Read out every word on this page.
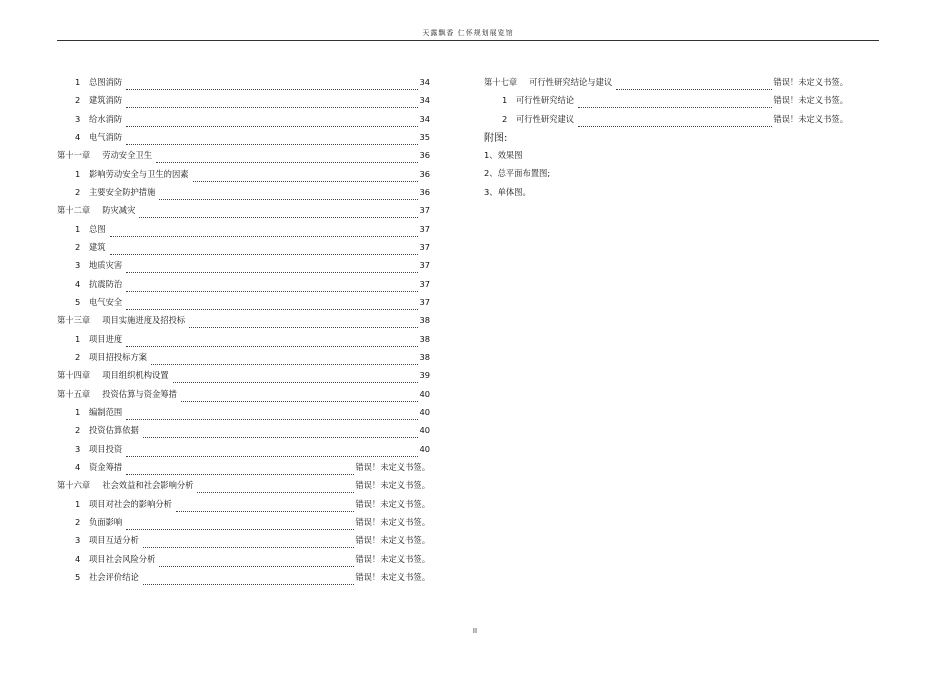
天露飘香 仁怀规划展览馆
1 总图消防	34
2 建筑消防	34
3 给水消防	34
4 电气消防	35
第十一章 劳动安全卫生	36
1 影响劳动安全与卫生的因素	36
2 主要安全防护措施	36
第十二章 防灾减灾	37
1 总图	37
2 建筑	37
3 地质灾害	37
4 抗震防治	37
5 电气安全	37
第十三章 项目实施进度及招投标	38
1 项目进度	38
2 项目招投标方案	38
第十四章 项目组织机构设置	39
第十五章 投资估算与资金筹措	40
1 编制范围	40
2 投资估算依据	40
3 项目投资	40
4 资金筹措	错误！未定义书签。
第十六章 社会效益和社会影响分析	错误！未定义书签。
1 项目对社会的影响分析	错误！未定义书签。
2 负面影响	错误！未定义书签。
3 项目互适分析	错误！未定义书签。
4 项目社会风险分析	错误！未定义书签。
5 社会评价结论	错误！未定义书签。
第十七章 可行性研究结论与建议	错误！未定义书签。
1 可行性研究结论	错误！未定义书签。
2 可行性研究建议	错误！未定义书签。
附图:
1、效果图
2、总平面布置图;
3、单体图。
II
